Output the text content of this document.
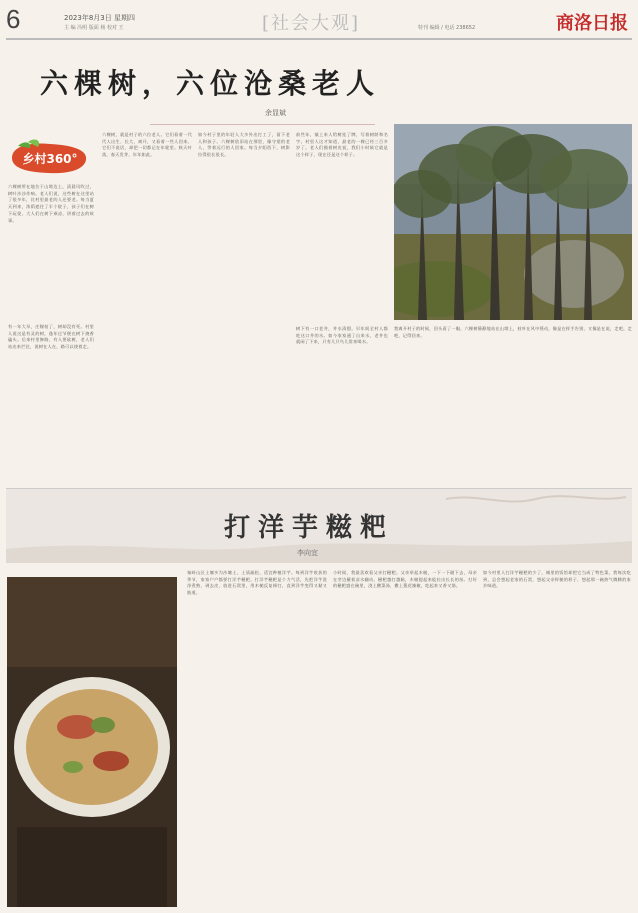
6	2023年8月3日 星期四
主 编 冯明 版面 杨 校对 王	[社会大观]	特刊 编辑 / 电话 238652	商洛日报
六棵树，六位沧桑老人
余显斌
乡村360°
六棵树所在地位于山坳边上，清晨风吹过，树叶沙沙作响。老人们说，这些树在这里站了很多年，比村里最老的人还要老。每当夏天到来，浓荫遮住了半个院子，孩子们在树下玩耍，大人们在树下乘凉，讲着过去的故事。
有一年大旱，庄稼枯了，树却没有死。村里人说这是有灵的树，逢年过节便在树下烧香磕头。后来村里修路，有人要砍树，老人们站出来拦住，说树在人在，路可以绕着走。
六棵树，就是村子的六位老人。它们看着一代代人出生、长大、离开，又看着一些人回来。它们不说话，却把一切都记在年轮里。秋天叶落，春天发芽，年年如此。
如今村子里的年轻人大多外出打工了，留下老人和孩子。六棵树依旧站在那里，像守望的老人，等着远行的人回家。每当夕阳西下，树影拉得很长很长。
前些年，镇上来人给树挂了牌，写着树龄和名字。村里人这才知道，最老的一棵已经三百多岁了。老人们摸着树皮说，我们小时候它就是这个样子，现在还是这个样子。
树下有一口老井，井水清甜。早年间全村人都吃这口井的水。如今家家通了自来水，老井也就闲了下来，只有几只鸟儿常来喝水。
我离开村子的时候，回头看了一眼。六棵树静静地站在山坳上，枝叶在风中摇动，像是在挥手告别，又像是在说，走吧，走吧，记得回来。
打洋芋糍粑
李向宜
秦岭山区土壤多为沙壤土，土质疏松，适宜种植洋芋。每到洋芋收获的季节，家家户户都要打洋芋糍粑。打洋芋糍粑是个力气活，先把洋芋洗净煮熟，剥去皮，放进石窝里，用木槌反复捶打，直到洋芋变得又黏又筋道。
小时候，我最喜欢看父亲打糍粑。父亲举起木槌，一下一下砸下去，母亲在旁边蘸着凉水翻动。糍粑越打越黏，木槌提起来能拉出长长的丝。打好的糍粑盛在碗里，浇上酸菜汤，撒上葱花辣椒，吃起来又香又筋。
如今村里人打洋芋糍粑的少了，城里的饭馆却把它当成了特色菜。我每次吃到，总会想起老家的石窝，想起父亲挥槌的样子，想起那一碗热气腾腾的家乡味道。
